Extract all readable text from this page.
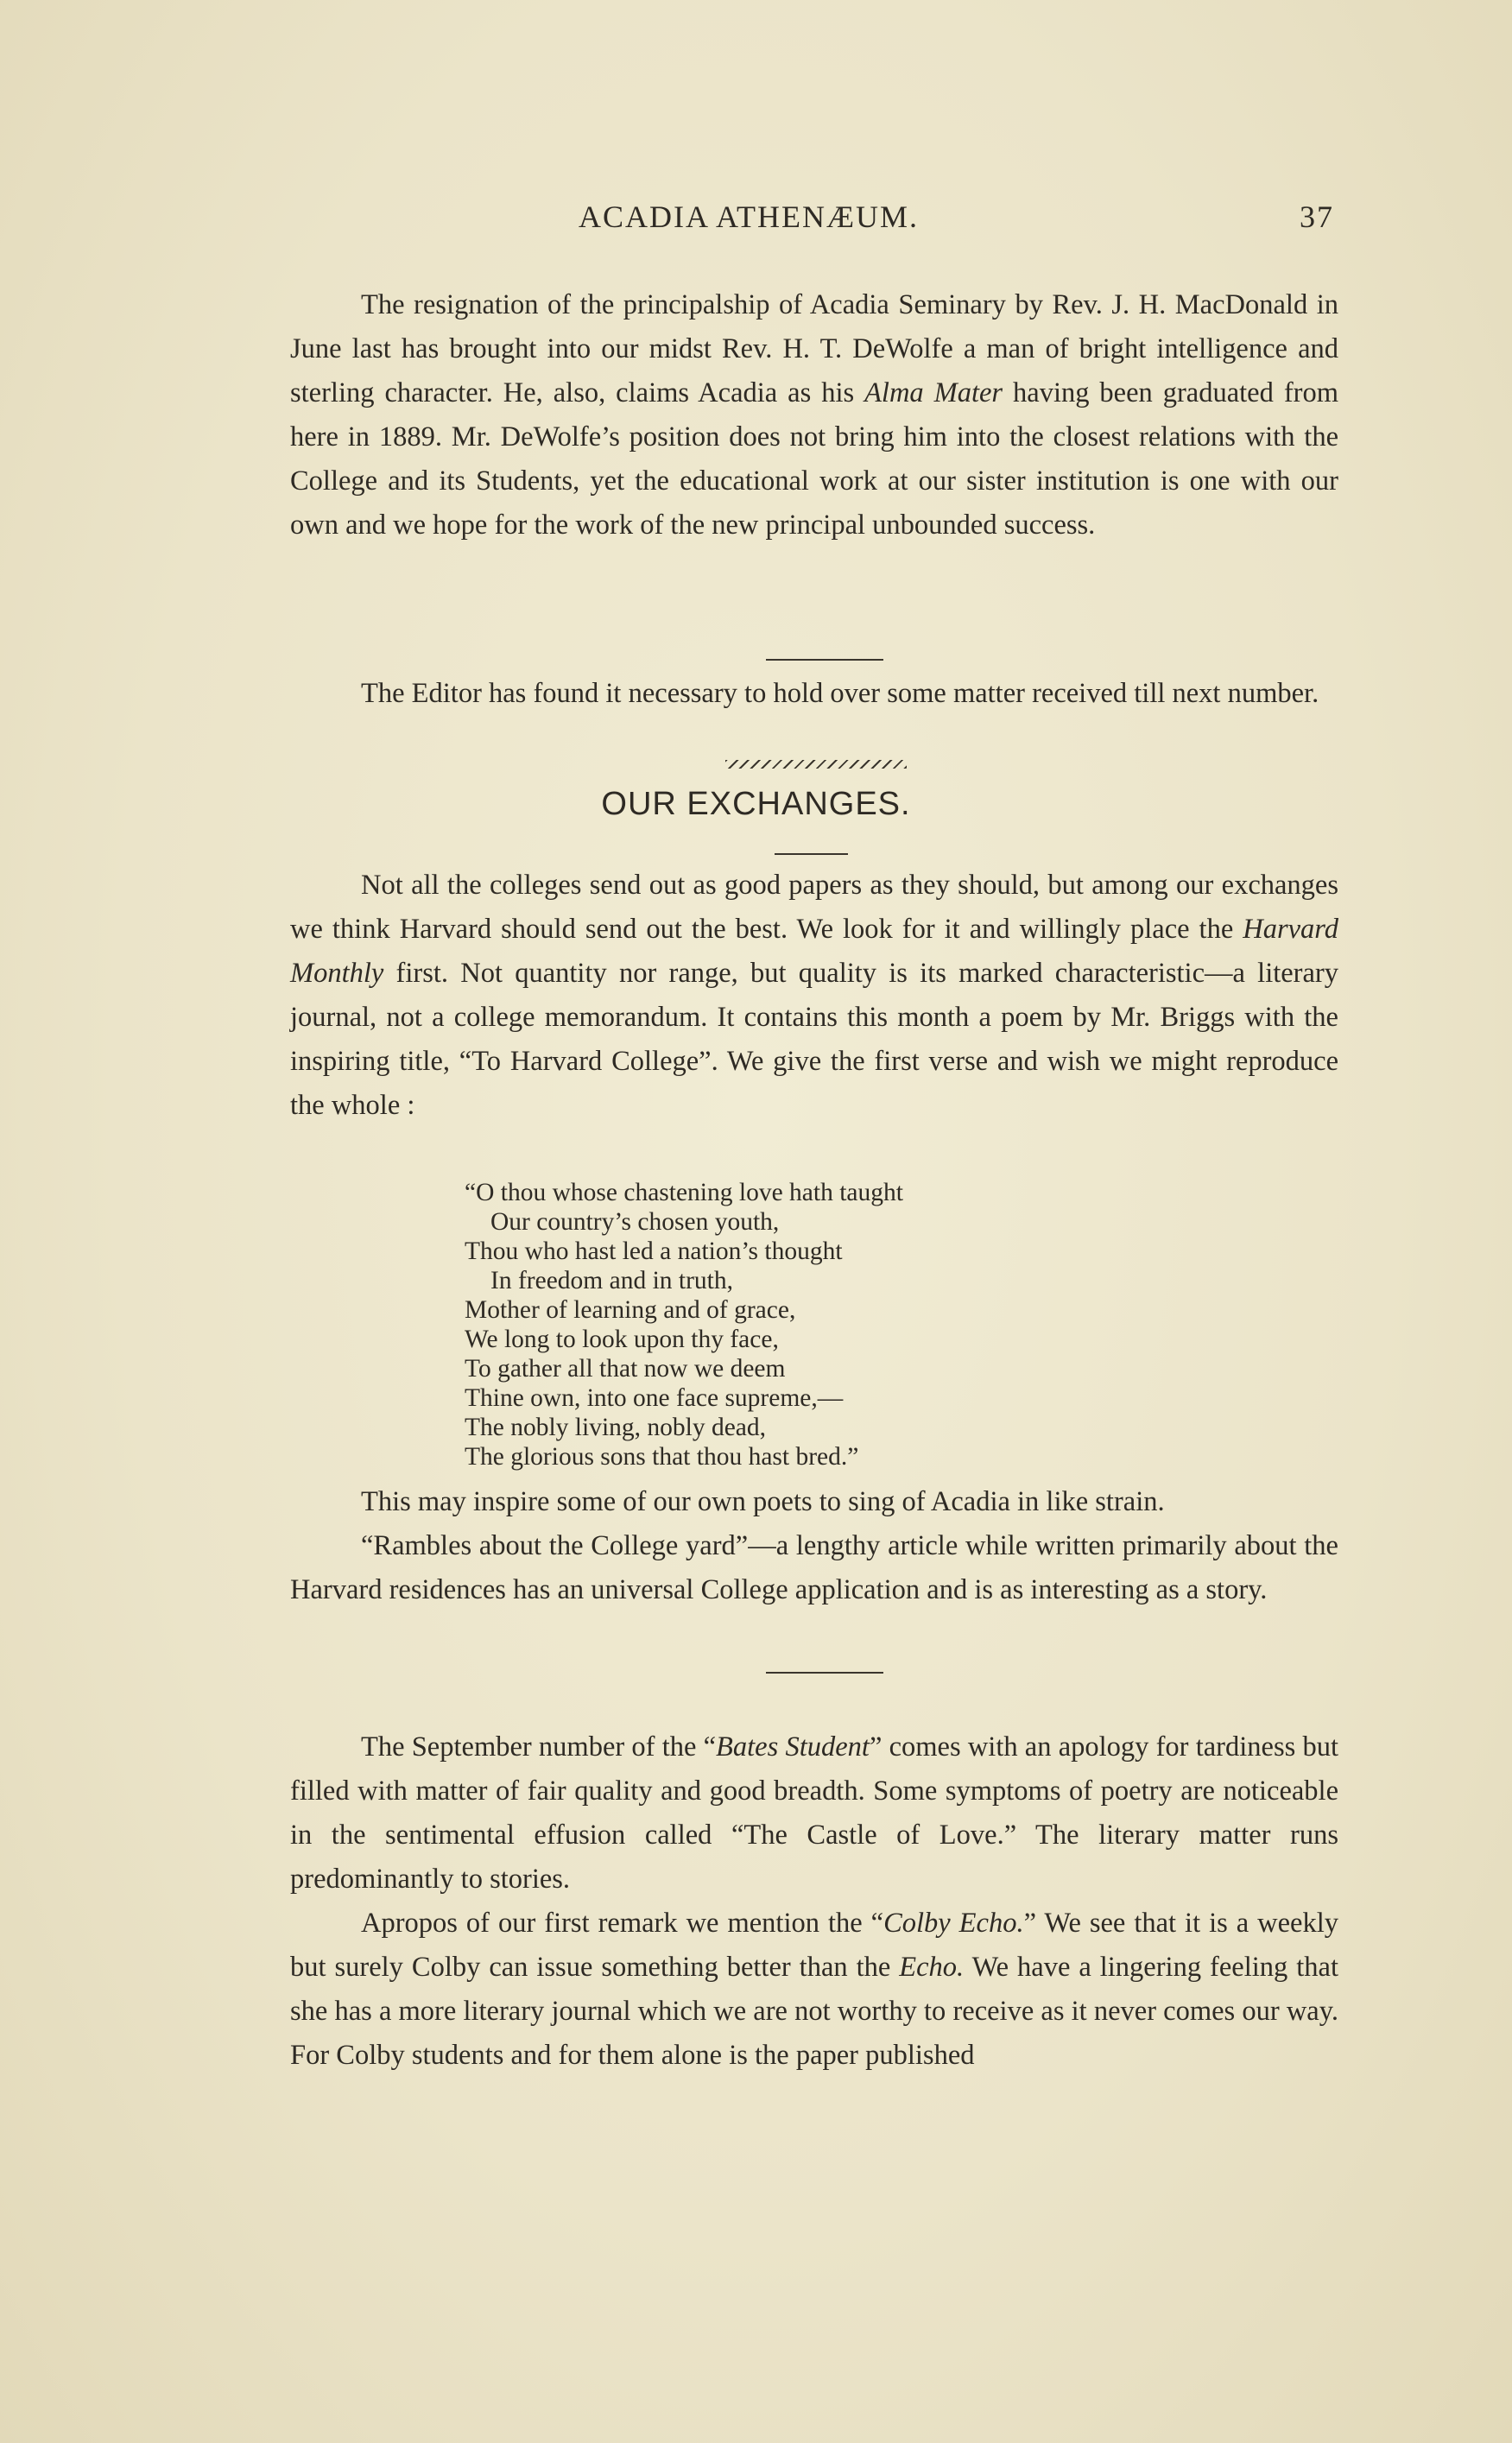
ACADIA ATHENÆUM.	37

The resignation of the principalship of Acadia Seminary by Rev. J. H. MacDonald in June last has brought into our midst Rev. H. T. DeWolfe a man of bright intelligence and sterling character. He, also, claims Acadia as his Alma Mater having been graduated from here in 1889. Mr. DeWolfe’s position does not bring him into the closest relations with the College and its Students, yet the educational work at our sister institution is one with our own and we hope for the work of the new principal unbounded success.

The Editor has found it necessary to hold over some matter received till next number.

OUR EXCHANGES.

Not all the colleges send out as good papers as they should, but among our exchanges we think Harvard should send out the best. We look for it and willingly place the Harvard Monthly first. Not quantity nor range, but quality is its marked characteristic—a literary journal, not a college memorandum. It contains this month a poem by Mr. Briggs with the inspiring title, “To Harvard College”. We give the first verse and wish we might reproduce the whole :

“O thou whose chastening love hath taught
Our country’s chosen youth,
Thou who hast led a nation’s thought
In freedom and in truth,
Mother of learning and of grace,
We long to look upon thy face,
To gather all that now we deem
Thine own, into one face supreme,—
The nobly living, nobly dead,
The glorious sons that thou hast bred.”

This may inspire some of our own poets to sing of Acadia in like strain.

“Rambles about the College yard”—a lengthy article while written primarily about the Harvard residences has an universal College application and is as interesting as a story.

The September number of the “Bates Student” comes with an apology for tardiness but filled with matter of fair quality and good breadth. Some symptoms of poetry are noticeable in the sentimental effusion called “The Castle of Love.” The literary matter runs predominantly to stories.

Apropos of our first remark we mention the “Colby Echo.” We see that it is a weekly but surely Colby can issue something better than the Echo. We have a lingering feeling that she has a more literary journal which we are not worthy to receive as it never comes our way. For Colby students and for them alone is the paper published
